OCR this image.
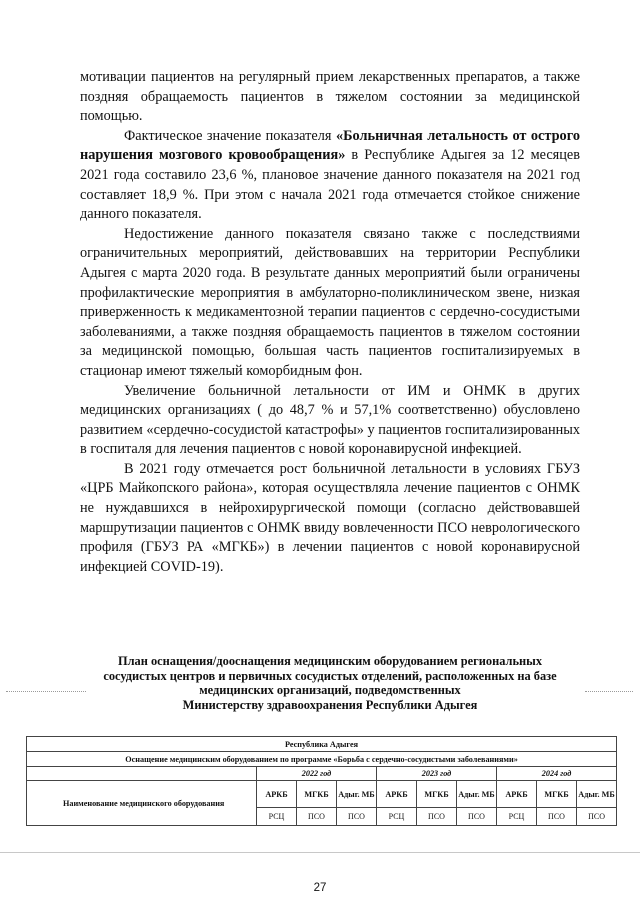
мотивации пациентов на регулярный прием лекарственных препаратов, а также поздняя обращаемость пациентов в тяжелом состоянии за медицинской помощью.

Фактическое значение показателя «Больничная летальность от острого нарушения мозгового кровообращения» в Республике Адыгея за 12 месяцев 2021 года составило 23,6 %, плановое значение данного показателя на 2021 год составляет 18,9 %. При этом с начала 2021 года отмечается стойкое снижение данного показателя.

Недостижение данного показателя связано также с последствиями ограничительных мероприятий, действовавших на территории Республики Адыгея с марта 2020 года. В результате данных мероприятий были ограничены профилактические мероприятия в амбулаторно-поликлиническом звене, низкая приверженность к медикаментозной терапии пациентов с сердечно-сосудистыми заболеваниями, а также поздняя обращаемость пациентов в тяжелом состоянии за медицинской помощью, большая часть пациентов госпитализируемых в стационар имеют тяжелый коморбидным фон.

Увеличение больничной летальности от ИМ и ОНМК в других медицинских организациях ( до 48,7 % и 57,1% соответственно) обусловлено развитием «сердечно-сосудистой катастрофы» у пациентов госпитализированных в госпиталя для лечения пациентов с новой коронавирусной инфекцией.

В 2021 году отмечается рост больничной летальности в условиях ГБУЗ «ЦРБ Майкопского района», которая осуществляла лечение пациентов с ОНМК не нуждавшихся в нейрохирургической помощи (согласно действовавшей маршрутизации пациентов с ОНМК ввиду вовлеченности ПСО неврологического профиля (ГБУЗ РА «МГКБ») в лечении пациентов с новой коронавирусной инфекцией COVID-19).

План оснащения/дооснащения медицинским оборудованием региональных
сосудистых центров и первичных сосудистых отделений, расположенных на базе
медицинских организаций, подведомственных
Министерству здравоохранения Республики Адыгея
Республика Адыгея									
Оснащение медицинским оборудованием по программе «Борьба с сердечно-сосудистыми заболеваниями»									
	2022 год			2023 год			2024 год		
Наименование медицинского оборудования	АРКБ	МГКБ	Адыг. МБ	АРКБ	МГКБ	Адыг. МБ	АРКБ	МГКБ	Адыг. МБ
	РСЦ	ПСО	ПСО	РСЦ	ПСО	ПСО	РСЦ	ПСО	ПСО
27
